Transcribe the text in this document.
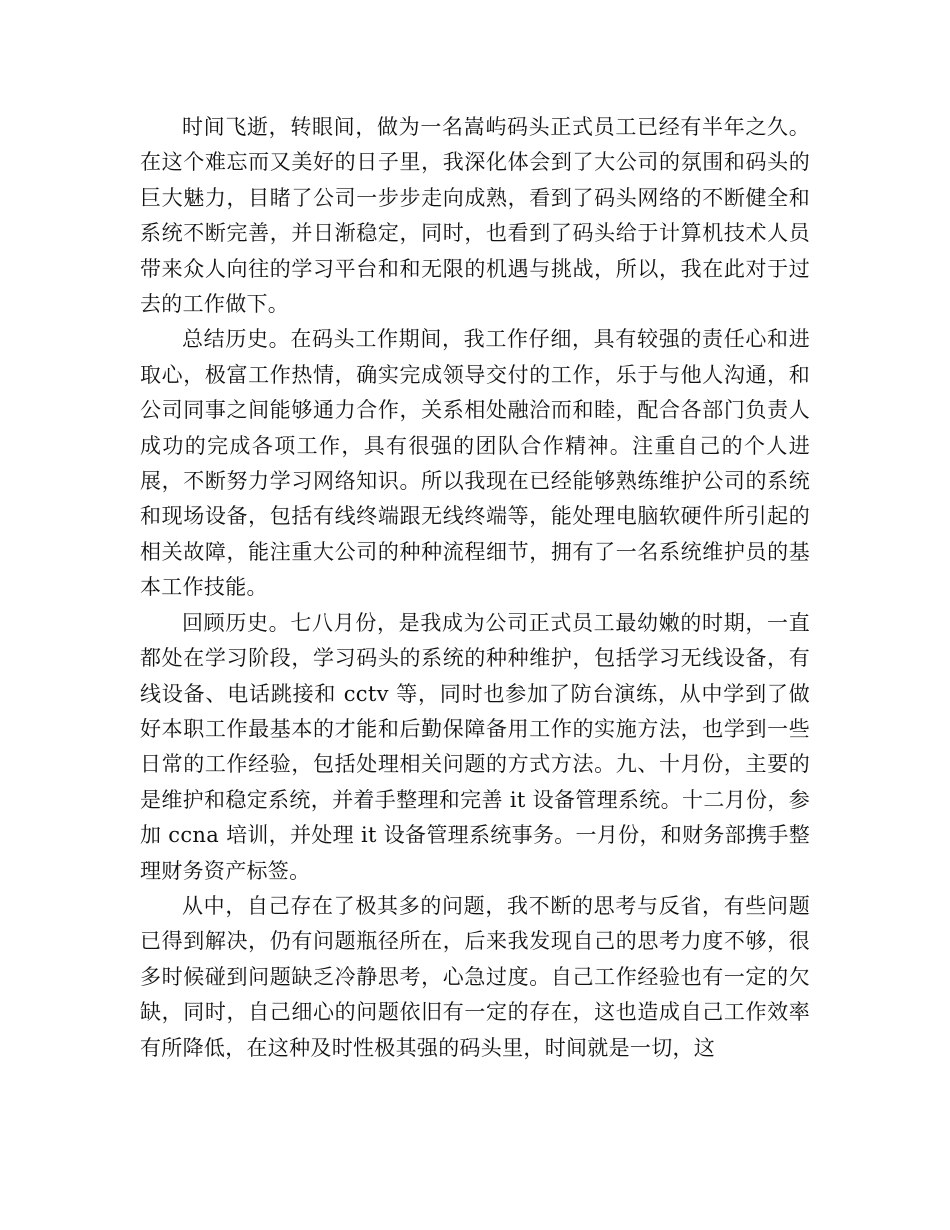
时间飞逝，转眼间，做为一名嵩屿码头正式员工已经有半年之久。在这个难忘而又美好的日子里，我深化体会到了大公司的氛围和码头的巨大魅力，目睹了公司一步步走向成熟，看到了码头网络的不断健全和系统不断完善，并日渐稳定，同时，也看到了码头给于计算机技术人员带来众人向往的学习平台和和无限的机遇与挑战，所以，我在此对于过去的工作做下。

总结历史。在码头工作期间，我工作仔细，具有较强的责任心和进取心，极富工作热情，确实完成领导交付的工作，乐于与他人沟通，和公司同事之间能够通力合作，关系相处融洽而和睦，配合各部门负责人成功的完成各项工作，具有很强的团队合作精神。注重自己的个人进展，不断努力学习网络知识。所以我现在已经能够熟练维护公司的系统和现场设备，包括有线终端跟无线终端等，能处理电脑软硬件所引起的相关故障，能注重大公司的种种流程细节，拥有了一名系统维护员的基本工作技能。

回顾历史。七八月份，是我成为公司正式员工最幼嫩的时期，一直都处在学习阶段，学习码头的系统的种种维护，包括学习无线设备，有线设备、电话跳接和 cctv 等，同时也参加了防台演练，从中学到了做好本职工作最基本的才能和后勤保障备用工作的实施方法，也学到一些日常的工作经验，包括处理相关问题的方式方法。九、十月份，主要的是维护和稳定系统，并着手整理和完善 it 设备管理系统。十二月份，参加 ccna 培训，并处理 it 设备管理系统事务。一月份，和财务部携手整理财务资产标签。

从中，自己存在了极其多的问题，我不断的思考与反省，有些问题已得到解决，仍有问题瓶径所在，后来我发现自己的思考力度不够，很多时候碰到问题缺乏冷静思考，心急过度。自己工作经验也有一定的欠缺，同时，自己细心的问题依旧有一定的存在，这也造成自己工作效率有所降低，在这种及时性极其强的码头里，时间就是一切，这
